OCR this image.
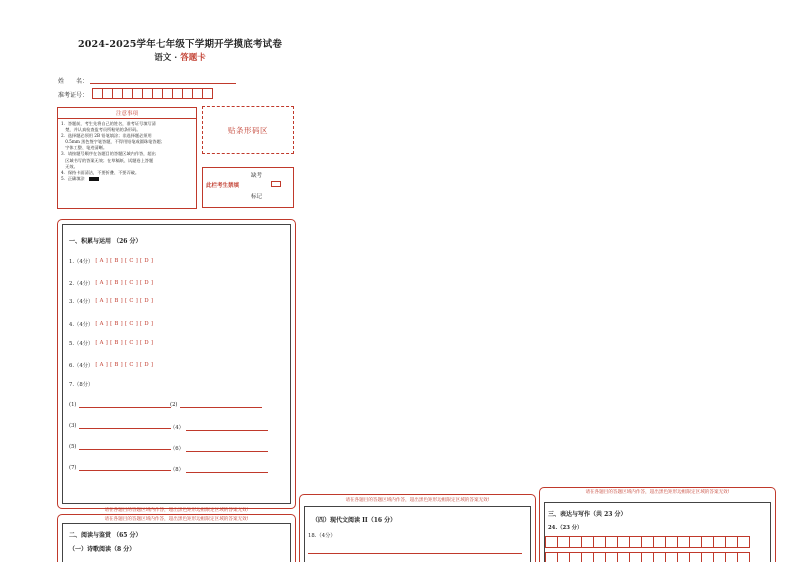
2024-2025学年七年级下学期开学摸底考试卷
语文 · 答题卡
姓　　名：
准考证号：
注意事项
1．答题前，考生先将自己的姓名，准考证号填写清
　楚，并认真检查监考员所粘贴的条形码。
2．选择题必须用 2B 铅笔填涂；非选择题必须用
　0.5mm 黑色签字笔答题，不得用铅笔或圆珠笔答题；
　字体工整、笔迹清晰。
3．请按题号顺序在各题目的答题区域内作答，超出
　区域书写的答案无效；在草稿纸、试题卷上答题
　无效。
4．保持卡面清洁，不要折叠、不要弄破。
5．正确填涂
贴条形码区
缺考
此栏考生禁填
标记
一、积累与运用 （26 分）
1.（4分） [ A ] [ B ] [ C ] [ D ]
2.（4分） [ A ] [ B ] [ C ] [ D ]
3.（4分） [ A ] [ B ] [ C ] [ D ]
4.（4分） [ A ] [ B ] [ C ] [ D ]
5.（4分） [ A ] [ B ] [ C ] [ D ]
6.（4分） [ A ] [ B ] [ C ] [ D ]
7.（8分）
(1)	(2)
(3)	（4）
(5)	（6）
(7)	（8）
请在各题目的答题区域内作答，超出黑色矩形边框限定区域的答案无效!
请在各题目的答题区域内作答，超出黑色矩形边框限定区域的答案无效!
二、阅读与鉴赏 （65 分）
（一）诗歌阅读（8 分）
请在各题目的答题区域内作答，超出黑色矩形边框限定区域的答案无效!
（四）现代文阅读 II（16 分）
18.（4分）
请在各题目的答题区域内作答，超出黑色矩形边框限定区域的答案无效!
三、表达与写作（共 23 分）
24.（23 分）
